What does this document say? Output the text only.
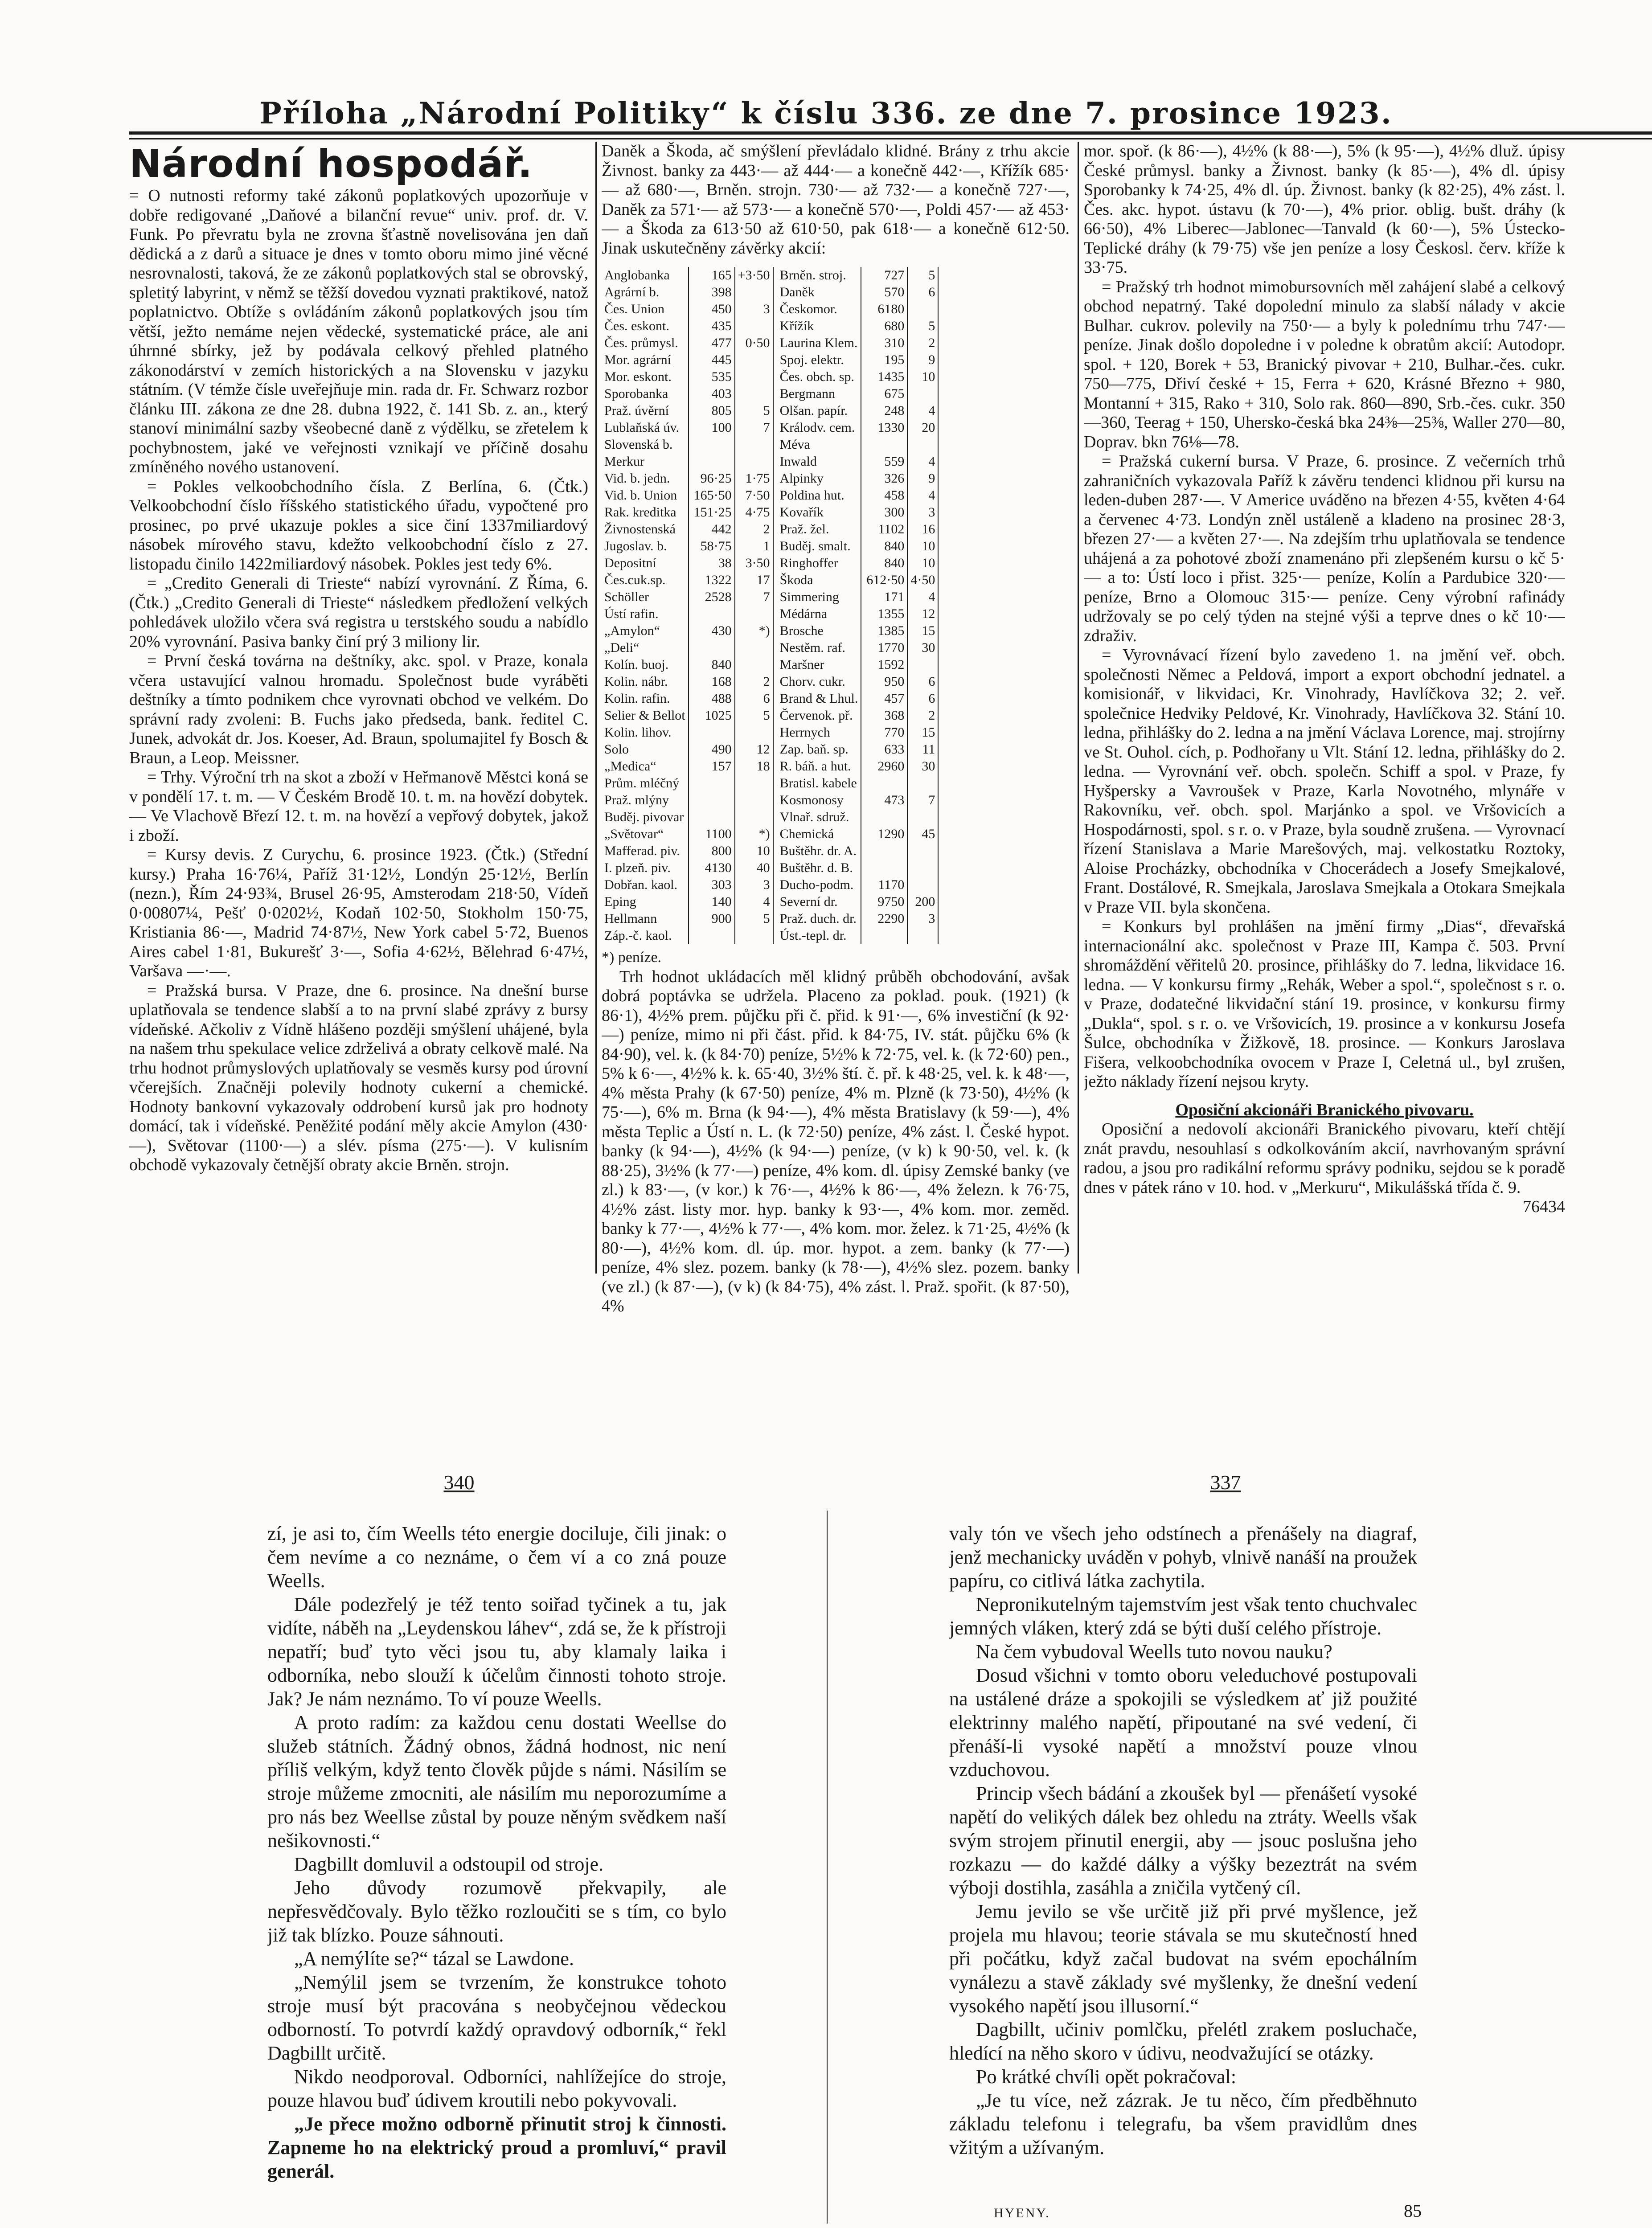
Příloha „Národní Politiky“ k číslu 336. ze dne 7. prosince 1923.
Národní hospodář.

= O nutnosti reformy také zákonů poplatkových upozorňuje v dobře redigované „Daňové a bilanční revue“ univ. prof. dr. V. Funk. Po převratu byla ne zrovna šťastně novelisována jen daň dědická a z darů a situace je dnes v tomto oboru mimo jiné věcné nesrovnalosti, taková, že ze zákonů poplatkových stal se obrovský, spletitý labyrint, v němž se těžší dovedou vyznati praktikové, natož poplatnictvo. Obtíže s ovládáním zákonů poplatkových jsou tím větší, ježto nemáme nejen vědecké, systematické práce, ale ani úhrnné sbírky, jež by podávala celkový přehled platného zákonodárství v zemích historických a na Slovensku v jazyku státním. (V témže čísle uveřejňuje min. rada dr. Fr. Schwarz rozbor článku III. zákona ze dne 28. dubna 1922, č. 141 Sb. z. an., který stanoví minimální sazby všeobecné daně z výdělku, se zřetelem k pochybnostem, jaké ve veřejnosti vznikají ve příčině dosahu zmíněného nového ustanovení.

= Pokles velkoobchodního čísla. Z Berlína, 6. (Čtk.) Velkoobchodní číslo říšského statistického úřadu, vypočtené pro prosinec, po prvé ukazuje pokles a sice činí 1337miliardový násobek mírového stavu, kdežto velkoobchodní číslo z 27. listopadu činilo 1422miliardový násobek. Pokles jest tedy 6%.

= „Credito Generali di Trieste“ nabízí vyrovnání. Z Říma, 6. (Čtk.) „Credito Generali di Trieste“ následkem předložení velkých pohledávek uložilo včera svá registra u terstského soudu a nabídlo 20% vyrovnání. Pasiva banky činí prý 3 miliony lir.

= První česká továrna na deštníky, akc. spol. v Praze, konala včera ustavující valnou hromadu. Společnost bude vyráběti deštníky a tímto podnikem chce vyrovnati obchod ve velkém. Do správní rady zvoleni: B. Fuchs jako předseda, bank. ředitel C. Junek, advokát dr. Jos. Koeser, Ad. Braun, spolumajitel fy Bosch & Braun, a Leop. Meissner.

= Trhy. Výroční trh na skot a zboží v Heřmanově Městci koná se v pondělí 17. t. m. — V Českém Brodě 10. t. m. na hovězí dobytek. — Ve Vlachově Březí 12. t. m. na hovězí a vepřový dobytek, jakož i zboží.

= Kursy devis. Z Curychu, 6. prosince 1923. (Čtk.) (Střední kursy.) Praha 16·76¼, Paříž 31·12½, Londýn 25·12½, Berlín (nezn.), Řím 24·93¾, Brusel 26·95, Amsterodam 218·50, Vídeň 0·00807¼, Pešť 0·0202½, Kodaň 102·50, Stokholm 150·75, Kristiania 86·—, Madrid 74·87½, New York cabel 5·72, Buenos Aires cabel 1·81, Bukurešť 3·—, Sofia 4·62½, Bělehrad 6·47½, Varšava —·—.

= Pražská bursa. V Praze, dne 6. prosince. Na dnešní burse uplatňovala se tendence slabší a to na první slabé zprávy z bursy vídeňské. Ačkoliv z Vídně hlášeno později smýšlení uhájené, byla na našem trhu spekulace velice zdrželivá a obraty celkově malé. Na trhu hodnot průmyslových uplatňovaly se vesměs kursy pod úrovní včerejších. Značněji polevily hodnoty cukerní a chemické. Hodnoty bankovní vykazovaly oddrobení kursů jak pro hodnoty domácí, tak i vídeňské. Peněžité podání měly akcie Amylon (430·—), Světovar (1100·—) a slév. písma (275·—). V kulisním obchodě vykazovaly četnější obraty akcie Brněn. strojn.

Daněk a Škoda, ač smýšlení převládalo klidné. Brány z trhu akcie Živnost. banky za 443·— až 444·— a konečně 442·—, Křížík 685·— až 680·—, Brněn. strojn. 730·— až 732·— a konečně 727·—, Daněk za 571·— až 573·— a konečně 570·—, Poldi 457·— až 453·— a Škoda za 613·50 až 610·50, pak 618·— a konečně 612·50. Jinak uskutečněny závěrky akcií:

Anglobanka	165	+3·50
Agrární b.	398	
Čes. Union	450	3
Čes. eskont.	435	
Čes. průmysl.	477	0·50
Mor. agrární	445	
Mor. eskont.	535	
Sporobanka	403	
Praž. úvěrní	805	5
Lublaňská úv.	100	7
Slovenská b.		
Merkur		
Vid. b. jedn.	96·25	1·75
Vid. b. Union	165·50	7·50
Rak. kreditka	151·25	4·75
Živnostenská	442	2
Jugoslav. b.	58·75	1
Depositní	38	3·50
Čes.cuk.sp.	1322	17
Schöller	2528	7
Ústí rafin.		
„Amylon“	430	*)
„Deli“		
Kolín. buoj.	840	
Kolin. nábr.	168	2
Kolin. rafin.	488	6
Selier & Bellot	1025	5
Kolin. lihov.		
Solo	490	12
„Medica“	157	18
Prům. mléčný		
Praž. mlýny		
Buděj. pivovar		
„Světovar“	1100	*)
Mafferad. piv.	800	10
I. plzeň. piv.	4130	40
Dobřan. kaol.	303	3
Eping	140	4
Hellmann	900	5
Záp.-č. kaol.		
Brněn. stroj.	727	5
Daněk	570	6
Českomor.	6180	
Křížík	680	5
Laurina Klem.	310	2
Spoj. elektr.	195	9
Čes. obch. sp.	1435	10
Bergmann	675	
Olšan. papír.	248	4
Králodv. cem.	1330	20
Méva		
Inwald	559	4
Alpinky	326	9
Poldina hut.	458	4
Kovařík	300	3
Praž. žel.	1102	16
Buděj. smalt.	840	10
Ringhoffer	840	10
Škoda	612·50	4·50
Simmering	171	4
Médárna	1355	12
Brosche	1385	15
Nestěm. raf.	1770	30
Maršner	1592	
Chorv. cukr.	950	6
Brand & Lhul.	457	6
Červenok. př.	368	2
Herrnych	770	15
Zap. baň. sp.	633	11
R. báň. a hut.	2960	30
Bratisl. kabele		
Kosmonosy	473	7
Vlnař. sdruž.		
Chemická	1290	45
Buštěhr. dr. A.		
Buštěhr. d. B.		
Ducho-podm.	1170	
Severní dr.	9750	200
Praž. duch. dr.	2290	3
Úst.-tepl. dr.		

*) peníze.

Trh hodnot ukládacích měl klidný průběh obchodování, avšak dobrá poptávka se udržela. Placeno za poklad. pouk. (1921) (k 86·1), 4½% prem. půjčku při č. přid. k 91·—, 6% investiční (k 92·—) peníze, mimo ni při část. přid. k 84·75, IV. stát. půjčku 6% (k 84·90), vel. k. (k 84·70) peníze, 5½% k 72·75, vel. k. (k 72·60) pen., 5% k 6·—, 4½% k. k. 65·40, 3½% ští. č. př. k 48·25, vel. k. k 48·—, 4% města Prahy (k 67·50) peníze, 4% m. Plzně (k 73·50), 4½% (k 75·—), 6% m. Brna (k 94·—), 4% města Bratislavy (k 59·—), 4% města Teplic a Ústí n. L. (k 72·50) peníze, 4% zást. l. České hypot. banky (k 94·—), 4½% (k 94·—) peníze, (v k) k 90·50, vel. k. (k 88·25), 3½% (k 77·—) peníze, 4% kom. dl. úpisy Zemské banky (ve zl.) k 83·—, (v kor.) k 76·—, 4½% k 86·—, 4% železn. k 76·75, 4½% zást. listy mor. hyp. banky k 93·—, 4% kom. mor. zeměd. banky k 77·—, 4½% k 77·—, 4% kom. mor. želez. k 71·25, 4½% (k 80·—), 4½% kom. dl. úp. mor. hypot. a zem. banky (k 77·—) peníze, 4% slez. pozem. banky (k 78·—), 4½% slez. pozem. banky (ve zl.) (k 87·—), (v k) (k 84·75), 4% zást. l. Praž. spořit. (k 87·50), 4%

mor. spoř. (k 86·—), 4½% (k 88·—), 5% (k 95·—), 4½% dluž. úpisy České průmysl. banky a Živnost. banky (k 85·—), 4% dl. úpisy Sporobanky k 74·25, 4% dl. úp. Živnost. banky (k 82·25), 4% zást. l. Čes. akc. hypot. ústavu (k 70·—), 4% prior. oblig. bušt. dráhy (k 66·50), 4% Liberec—Jablonec—Tanvald (k 60·—), 5% Ústecko-Teplické dráhy (k 79·75) vše jen peníze a losy Českosl. červ. kříže k 33·75.

= Pražský trh hodnot mimobursovních měl zahájení slabé a celkový obchod nepatrný. Také dopolední minulo za slabší nálady v akcie Bulhar. cukrov. polevily na 750·— a byly k polednímu trhu 747·— peníze. Jinak došlo dopoledne i v poledne k obratům akcií: Autodopr. spol. + 120, Borek + 53, Branický pivovar + 210, Bulhar.-čes. cukr. 750—775, Dřiví české + 15, Ferra + 620, Krásné Březno + 980, Montanní + 315, Rako + 310, Solo rak. 860—890, Srb.-čes. cukr. 350—360, Teerag + 150, Uhersko-česká bka 24⅜—25⅜, Waller 270—80, Doprav. bkn 76⅛—78.

= Pražská cukerní bursa. V Praze, 6. prosince. Z večerních trhů zahraničních vykazovala Paříž k závěru tendenci klidnou při kursu na leden-duben 287·—. V Americe uváděno na březen 4·55, květen 4·64 a červenec 4·73. Londýn zněl ustáleně a kladeno na prosinec 28·3, březen 27·— a květen 27·—. Na zdejším trhu uplatňovala se tendence uhájená a za pohotové zboží znamenáno při zlepšeném kursu o kč 5·— a to: Ústí loco i přist. 325·— peníze, Kolín a Pardubice 320·— peníze, Brno a Olomouc 315·— peníze. Ceny výrobní rafinády udržovaly se po celý týden na stejné výši a teprve dnes o kč 10·— zdraživ.

= Vyrovnávací řízení bylo zavedeno 1. na jmění veř. obch. společnosti Němec a Peldová, import a export obchodní jednatel. a komisionář, v likvidaci, Kr. Vinohrady, Havlíčkova 32; 2. veř. společnice Hedviky Peldové, Kr. Vinohrady, Havlíčkova 32. Stání 10. ledna, přihlášky do 2. ledna a na jmění Václava Lorence, maj. strojírny ve St. Ouhol. cích, p. Podhořany u Vlt. Stání 12. ledna, přihlášky do 2. ledna. — Vyrovnání veř. obch. společn. Schiff a spol. v Praze, fy Hyšpersky a Vavroušek v Praze, Karla Novotného, mlynáře v Rakovníku, veř. obch. spol. Marjánko a spol. ve Vršovicích a Hospodárnosti, spol. s r. o. v Praze, byla soudně zrušena. — Vyrovnací řízení Stanislava a Marie Marešových, maj. velkostatku Roztoky, Aloise Procházky, obchodníka v Chocerádech a Josefy Smejkalové, Frant. Dostálové, R. Smejkala, Jaroslava Smejkala a Otokara Smejkala v Praze VII. byla skončena.

= Konkurs byl prohlášen na jmění firmy „Dias“, dřevařská internacionální akc. společnost v Praze III, Kampa č. 503. První shromáždění věřitelů 20. prosince, přihlášky do 7. ledna, likvidace 16. ledna. — V konkursu firmy „Rehák, Weber a spol.“, společnost s r. o. v Praze, dodatečné likvidační stání 19. prosince, v konkursu firmy „Dukla“, spol. s r. o. ve Vršovicích, 19. prosince a v konkursu Josefa Šulce, obchodníka v Žižkově, 18. prosince. — Konkurs Jaroslava Fišera, velkoobchodníka ovocem v Praze I, Celetná ul., byl zrušen, ježto náklady řízení nejsou kryty.

Oposiční akcionáři Branického pivovaru.

Oposiční a nedovolí akcionáři Branického pivovaru, kteří chtějí znát pravdu, nesouhlasí s odkolkováním akcií, navrhovaným správní radou, a jsou pro radikální reformu správy podniku, sejdou se k poradě dnes v pátek ráno v 10. hod. v „Merkuru“, Mikulášská třída č. 9.

76434

340	337

zí, je asi to, čím Weells této energie dociluje, čili jinak: o čem nevíme a co neznáme, o čem ví a co zná pouze Weells.

Dále podezřelý je též tento soiřad tyčinek a tu, jak vidíte, náběh na „Leydenskou láhev“, zdá se, že k přístroji nepatří; buď tyto věci jsou tu, aby klamaly laika i odborníka, nebo slouží k účelům činnosti tohoto stroje. Jak? Je nám neznámo. To ví pouze Weells.

A proto radím: za každou cenu dostati Weellse do služeb státních. Žádný obnos, žádná hodnost, nic není příliš velkým, když tento člověk půjde s námi. Násilím se stroje můžeme zmocniti, ale násilím mu neporozumíme a pro nás bez Weellse zůstal by pouze něným svědkem naší nešikovnosti.“

Dagbillt domluvil a odstoupil od stroje.

Jeho důvody rozumově překvapily, ale nepřesvědčovaly. Bylo těžko rozloučiti se s tím, co bylo již tak blízko. Pouze sáhnouti.

„A nemýlíte se?“ tázal se Lawdone.

„Nemýlil jsem se tvrzením, že konstrukce tohoto stroje musí být pracována s neobyčejnou vědeckou odborností. To potvrdí každý opravdový odborník,“ řekl Dagbillt určitě.

Nikdo neodporoval. Odborníci, nahlížejíce do stroje, pouze hlavou buď údivem kroutili nebo pokyvovali.

„Je přece možno odborně přinutit stroj k činnosti. Zapneme ho na elektrický proud a promluví,“ pravil generál.

valy tón ve všech jeho odstínech a přenášely na diagraf, jenž mechanicky uváděn v pohyb, vlnivě nanáší na proužek papíru, co citlivá látka zachytila.

Nepronikutelným tajemstvím jest však tento chuchvalec jemných vláken, který zdá se býti duší celého přístroje.

Na čem vybudoval Weells tuto novou nauku?

Dosud všichni v tomto oboru veleduchové postupovali na ustálené dráze a spokojili se výsledkem ať již použité elektrinny malého napětí, připoutané na své vedení, či přenáší-li vysoké napětí a množství pouze vlnou vzduchovou.

Princip všech bádání a zkoušek byl — přenášetí vysoké napětí do velikých dálek bez ohledu na ztráty. Weells však svým strojem přinutil energii, aby — jsouc poslušna jeho rozkazu — do každé dálky a výšky bezeztrát na svém výboji dostihla, zasáhla a zničila vytčený cíl.

Jemu jevilo se vše určitě již při prvé myšlence, jež projela mu hlavou; teorie stávala se mu skutečností hned při počátku, když začal budovat na svém epochálním vynálezu a stavě základy své myšlenky, že dnešní vedení vysokého napětí jsou illusorní.“

Dagbillt, učiniv pomlčku, přelétl zrakem posluchače, hledící na něho skoro v údivu, neodvažující se otázky.

Po krátké chvíli opět pokračoval:

„Je tu více, než zázrak. Je tu něco, čím předběhnuto základu telefonu i telegrafu, ba všem pravidlům dnes vžitým a užívaným.

HYENY.	85
